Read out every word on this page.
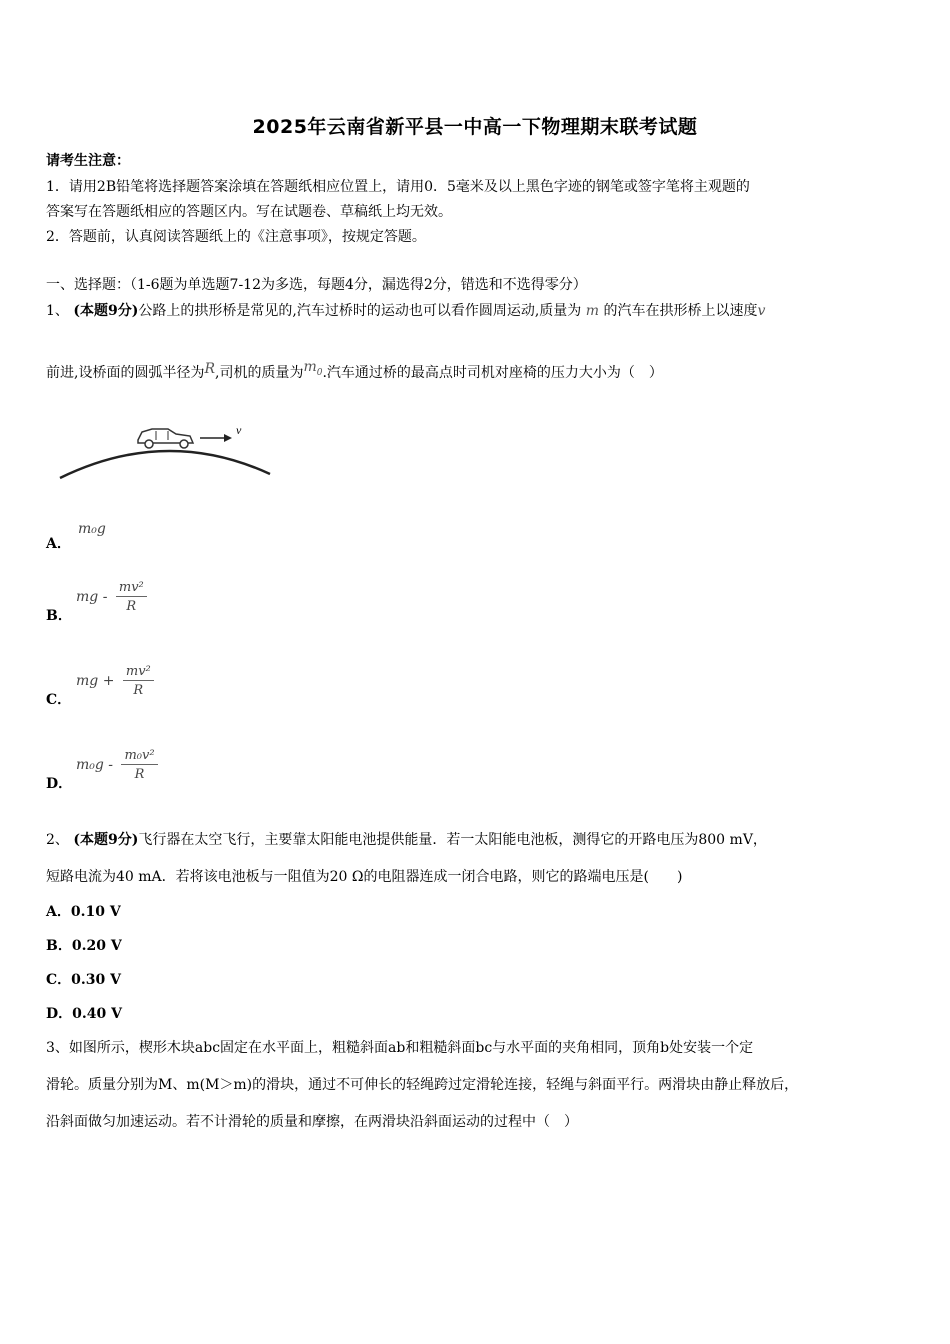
2025年云南省新平县一中高一下物理期末联考试题
请考生注意：
1．请用2B铅笔将选择题答案涂填在答题纸相应位置上，请用0．5毫米及以上黑色字迹的钢笔或签字笔将主观题的
答案写在答题纸相应的答题区内。写在试题卷、草稿纸上均无效。
2．答题前，认真阅读答题纸上的《注意事项》，按规定答题。
一、选择题：（1-6题为单选题7-12为多选，每题4分，漏选得2分，错选和不选得零分）
1、 (本题9分)公路上的拱形桥是常见的,汽车过桥时的运动也可以看作圆周运动,质量为 m 的汽车在拱形桥上以速度v
前进,设桥面的圆弧半径为R,司机的质量为$m_0$.汽车通过桥的最高点时司机对座椅的压力大小为（　）
v
A．
m₀g
B．
mg - $\frac{\text{mv²}}{R}$
C．
mg + $\frac{\text{mv²}}{R}$
D．
$m_0g - \frac{\text{m₀v²}}{R}$
2、 (本题9分)飞行器在太空飞行，主要靠太阳能电池提供能量．若一太阳能电池板，测得它的开路电压为800 mV，
短路电流为40 mA．若将该电池板与一阻值为20 Ω的电阻器连成一闭合电路，则它的路端电压是(　　)
A．0.10 V
B．0.20 V
C．0.30 V
D．0.40 V
3、如图所示，楔形木块abc固定在水平面上，粗糙斜面ab和粗糙斜面bc与水平面的夹角相同，顶角b处安装一个定
滑轮。质量分别为M、m(M＞m)的滑块，通过不可伸长的轻绳跨过定滑轮连接，轻绳与斜面平行。两滑块由静止释放后，
沿斜面做匀加速运动。若不计滑轮的质量和摩擦，在两滑块沿斜面运动的过程中（　）
